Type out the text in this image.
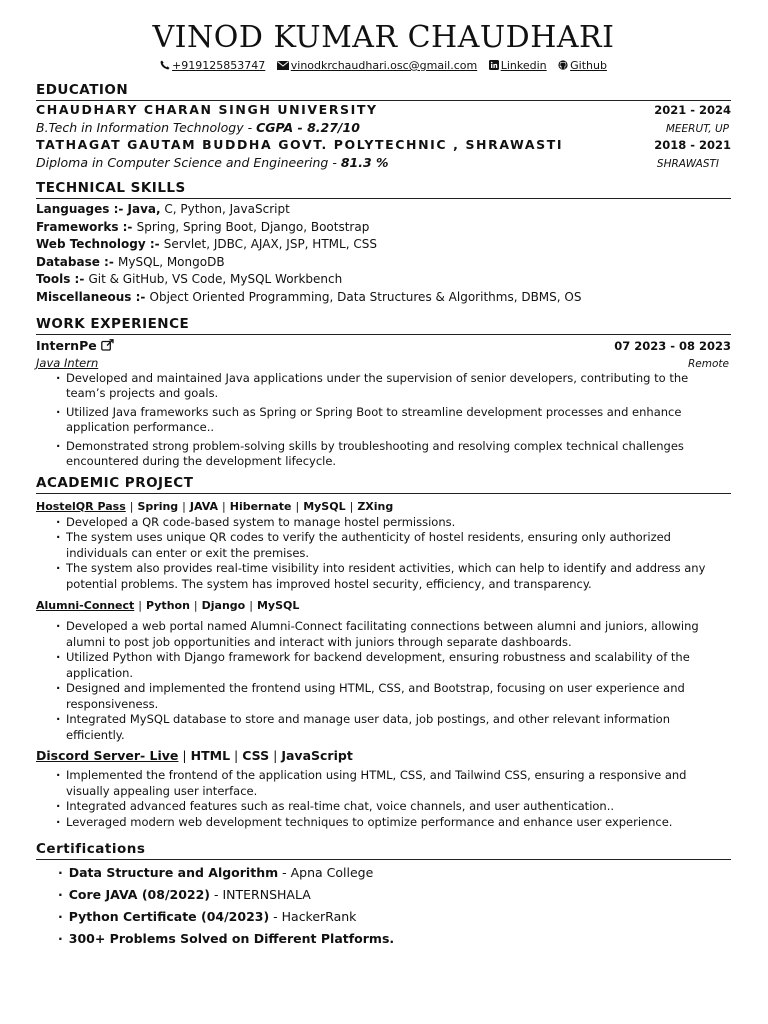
VINOD KUMAR CHAUDHARI
+919125853747 vinodkrchaudhari.osc@gmail.com Linkedin Github
EDUCATION
CHAUDHARY CHARAN SINGH UNIVERSITY	2021 - 2024
B.Tech in Information Technology - CGPA - 8.27/10	MEERUT, UP
TATHAGAT GAUTAM BUDDHA GOVT. POLYTECHNIC , SHRAWASTI	2018 - 2021
Diploma in Computer Science and Engineering - 81.3 %	SHRAWASTI
TECHNICAL SKILLS
Languages :- Java, C, Python, JavaScript
Frameworks :- Spring, Spring Boot, Django, Bootstrap
Web Technology :- Servlet, JDBC, AJAX, JSP, HTML, CSS
Database :- MySQL, MongoDB
Tools :- Git & GitHub, VS Code, MySQL Workbench
Miscellaneous :- Object Oriented Programming, Data Structures & Algorithms, DBMS, OS
WORK EXPERIENCE
InternPe	07 2023 - 08 2023
Java Intern	Remote
· Developed and maintained Java applications under the supervision of senior developers, contributing to the team’s projects and goals.
· Utilized Java frameworks such as Spring or Spring Boot to streamline development processes and enhance application performance..
· Demonstrated strong problem-solving skills by troubleshooting and resolving complex technical challenges encountered during the development lifecycle.
ACADEMIC PROJECT
HostelQR Pass | Spring | JAVA | Hibernate | MySQL | ZXing
· Developed a QR code-based system to manage hostel permissions.
· The system uses unique QR codes to verify the authenticity of hostel residents, ensuring only authorized individuals can enter or exit the premises.
· The system also provides real-time visibility into resident activities, which can help to identify and address any potential problems. The system has improved hostel security, efficiency, and transparency.
Alumni-Connect | Python | Django | MySQL
· Developed a web portal named Alumni-Connect facilitating connections between alumni and juniors, allowing alumni to post job opportunities and interact with juniors through separate dashboards.
· Utilized Python with Django framework for backend development, ensuring robustness and scalability of the application.
· Designed and implemented the frontend using HTML, CSS, and Bootstrap, focusing on user experience and responsiveness.
· Integrated MySQL database to store and manage user data, job postings, and other relevant information efficiently.
Discord Server- Live | HTML | CSS | JavaScript
· Implemented the frontend of the application using HTML, CSS, and Tailwind CSS, ensuring a responsive and visually appealing user interface.
· Integrated advanced features such as real-time chat, voice channels, and user authentication..
· Leveraged modern web development techniques to optimize performance and enhance user experience.
Certifications
· Data Structure and Algorithm - Apna College
· Core JAVA (08/2022) - INTERNSHALA
· Python Certificate (04/2023) - HackerRank
· 300+ Problems Solved on Different Platforms.
